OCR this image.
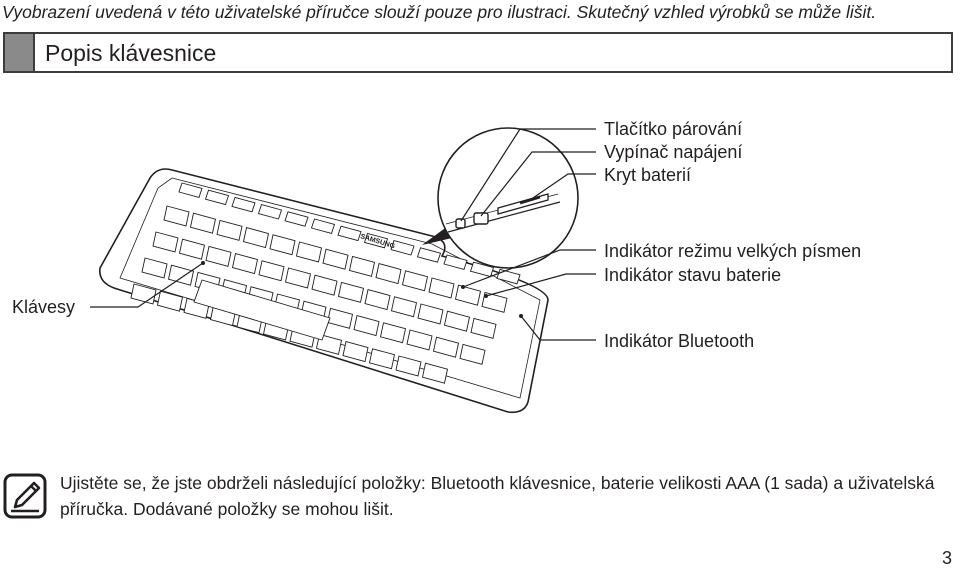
Vyobrazení uvedená v této uživatelské příručce slouží pouze pro ilustraci. Skutečný vzhled výrobků se může lišit.
Popis klávesnice
SAMSUNG
Tlačítko párování
Vypínač napájení
Kryt baterií
Indikátor režimu velkých písmen
Indikátor stavu baterie
Indikátor Bluetooth
Klávesy
Ujistěte se, že jste obdrželi následující položky: Bluetooth klávesnice, baterie velikosti AAA (1 sada) a uživatelská příručka. Dodávané položky se mohou lišit.
3
